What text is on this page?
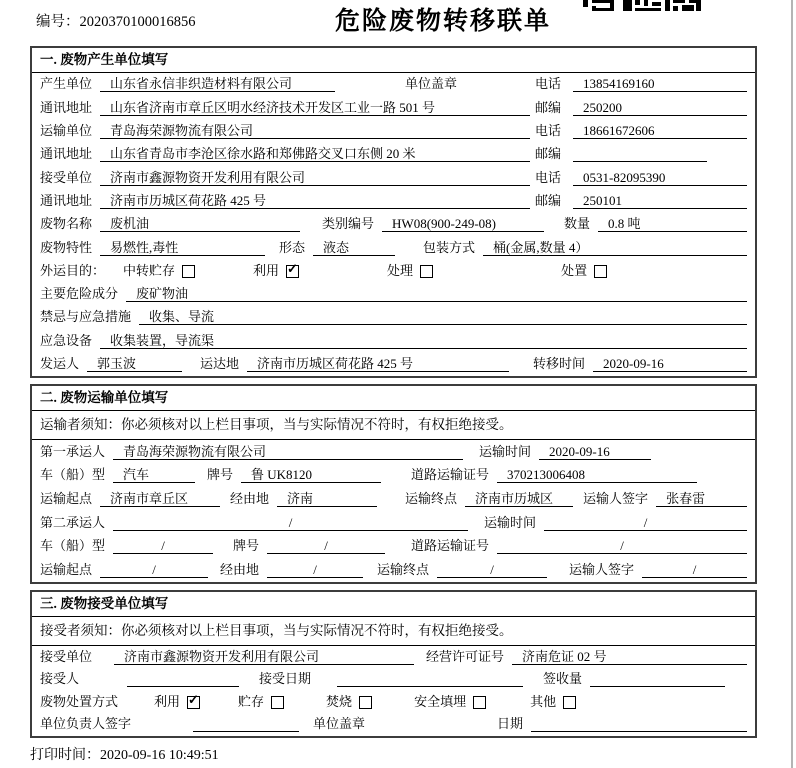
编号：2020370100016856	危险废物转移联单
一. 废物产生单位填写
产生单位	山东省永信非织造材料有限公司	单位盖章	电话	13854169160
通讯地址	山东省济南市章丘区明水经济技术开发区工业一路 501 号	邮编	250200
运输单位	青岛海荣源物流有限公司	电话	18661672606
通讯地址	山东省青岛市李沧区徐水路和郑佛路交叉口东侧 20 米	邮编
接受单位	济南市鑫源物资开发利用有限公司	电话	0531-82095390
通讯地址	济南市历城区荷花路 425 号	邮编	250101
废物名称	废机油	类别编号	HW08(900-249-08)	数量	0.8 吨
废物特性	易燃性,毒性	形态	液态	包装方式	桶(金属,数量 4）
外运目的： 中转贮存	利用 ✓	处理	处置
主要危险成分	废矿物油
禁忌与应急措施	收集、导流
应急设备	收集装置，导流渠
发运人	郭玉波	运达地	济南市历城区荷花路 425 号	转移时间	2020-09-16
二. 废物运输单位填写
运输者须知：你必须核对以上栏目事项，当与实际情况不符时，有权拒绝接受。
第一承运人	青岛海荣源物流有限公司	运输时间	2020-09-16
车（船）型	汽车	牌号	鲁 UK8120	道路运输证号	370213006408
运输起点	济南市章丘区	经由地	济南	运输终点	济南市历城区	运输人签字	张春雷
第二承运人	/	运输时间	/
车（船）型	/	牌号	/	道路运输证号	/
运输起点	/	经由地	/	运输终点	/	运输人签字	/
三. 废物接受单位填写
接受者须知：你必须核对以上栏目事项，当与实际情况不符时，有权拒绝接受。
接受单位	济南市鑫源物资开发利用有限公司	经营许可证号	济南危证 02 号
接受人	接受日期	签收量
废物处置方式	利用 ✓	贮存	焚烧	安全填埋	其他
单位负责人签字	单位盖章	日期
打印时间：2020-09-16 10:49:51
